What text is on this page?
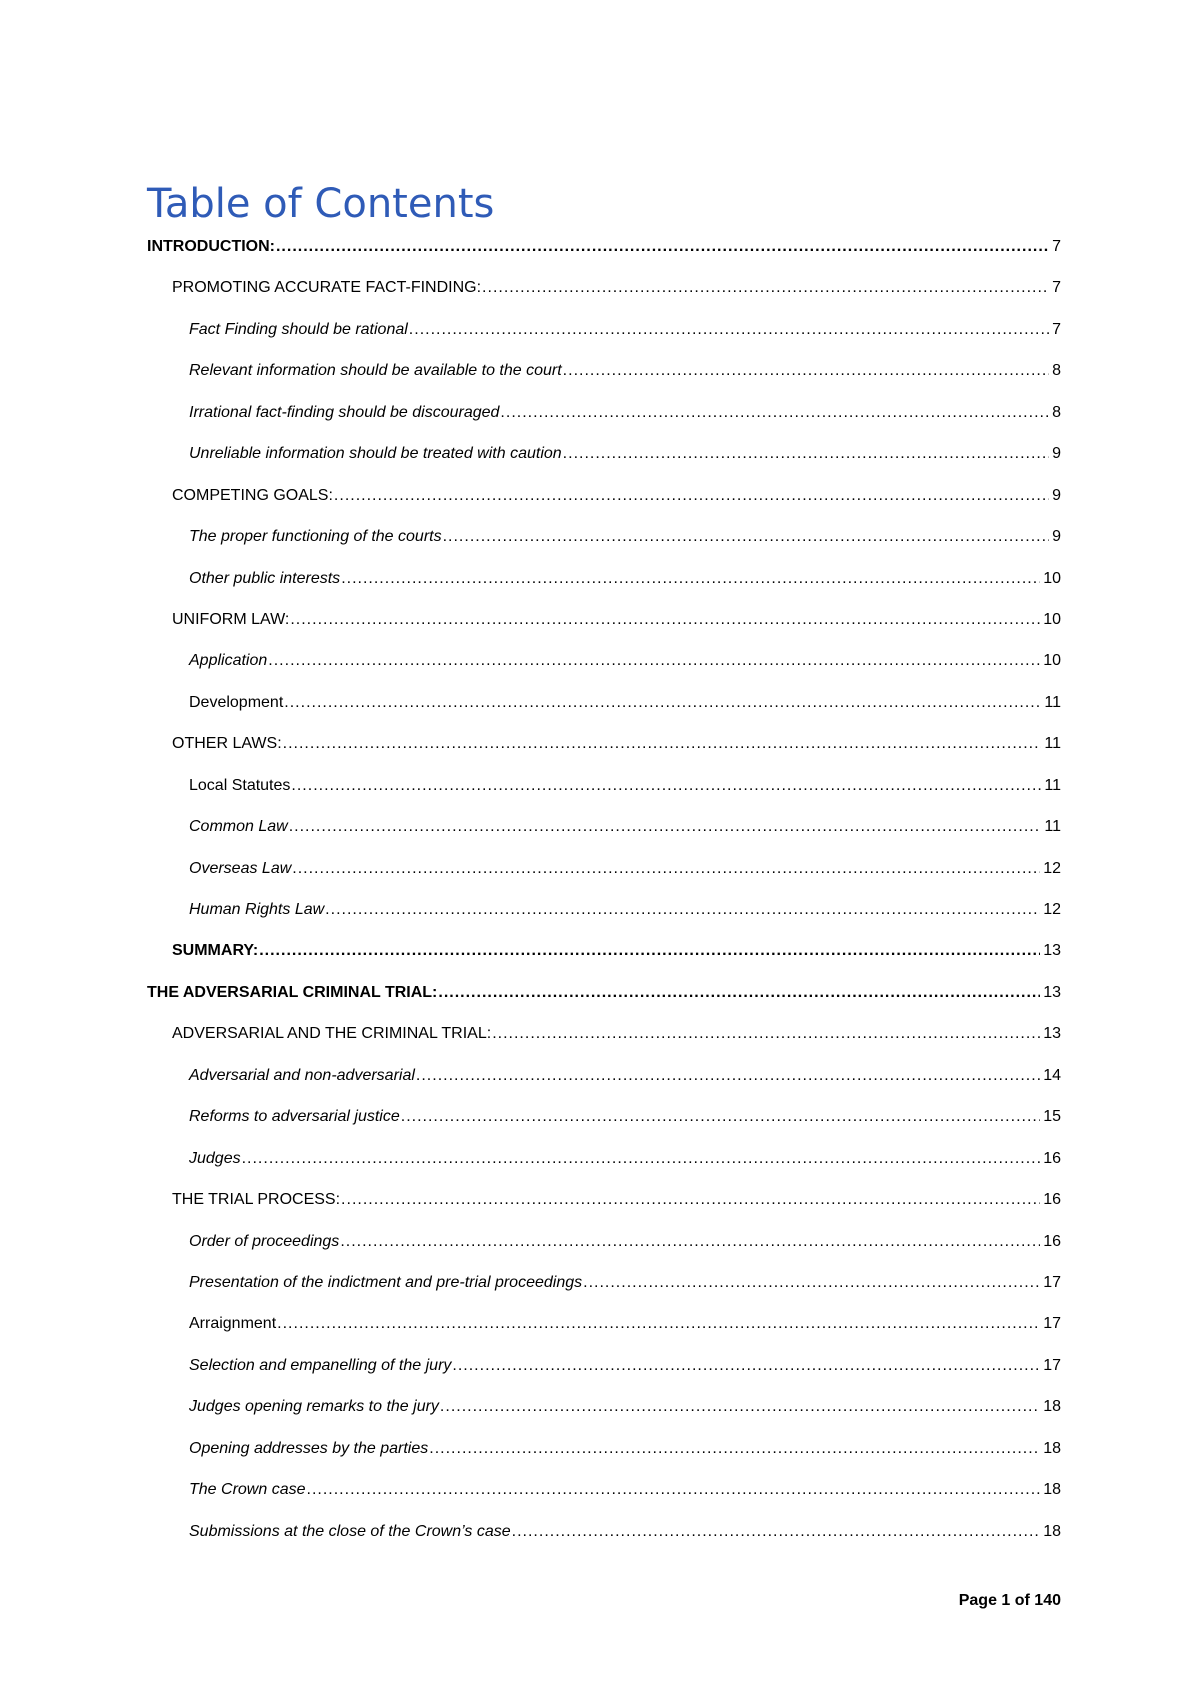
Table of Contents
INTRODUCTION: .....	7
PROMOTING ACCURATE FACT-FINDING: .....	7
Fact Finding should be rational .....	7
Relevant information should be available to the court .....	8
Irrational fact-finding should be discouraged .....	8
Unreliable information should be treated with caution .....	9
COMPETING GOALS: .....	9
The proper functioning of the courts .....	9
Other public interests .....	10
UNIFORM LAW: .....	10
Application .....	10
Development .....	11
OTHER LAWS: .....	11
Local Statutes .....	11
Common Law .....	11
Overseas Law .....	12
Human Rights Law .....	12
SUMMARY: .....	13
THE ADVERSARIAL CRIMINAL TRIAL: .....	13
ADVERSARIAL AND THE CRIMINAL TRIAL: .....	13
Adversarial and non-adversarial .....	14
Reforms to adversarial justice .....	15
Judges .....	16
THE TRIAL PROCESS: .....	16
Order of proceedings .....	16
Presentation of the indictment and pre-trial proceedings .....	17
Arraignment .....	17
Selection and empanelling of the jury .....	17
Judges opening remarks to the jury .....	18
Opening addresses by the parties .....	18
The Crown case .....	18
Submissions at the close of the Crown’s case .....	18
Page 1 of 140
